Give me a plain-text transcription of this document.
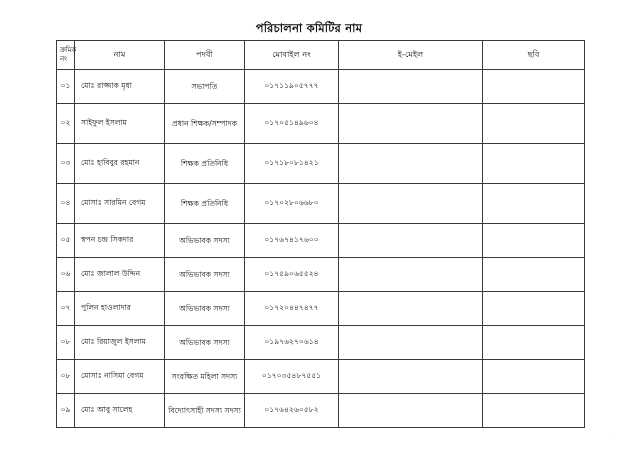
পরিচালনা কমিটির নাম
ক্রমিক নং	নাম	পদবী	মোবাইল নং	ই-মেইল	ছবি
০১	মোঃ রাজ্জাক মৃধা	সভাপতি	০১৭১১৯০৫৭৭৭		
০২	সাইফুল ইসলাম	প্রধান শিক্ষক/সম্পাদক	০১৭০৫১৪৯৬০৪		
০৩	মোঃ হাবিবুর রহমান	শিক্ষক প্রতিনিধি	০১৭১৮০৮১৪২১		
০৪	মোসাঃ সারমিন বেগম	শিক্ষক প্রতিনিধি	০১৭০২৮০৬৬৮০		
০৫	স্বপন চন্দ্র সিকদার	অভিভাবক সদস্য	০১৭৬৭৪১৭৬০০		
০৬	মোঃ জালাল উদ্দিন	অভিভাবক সদস্য	০১৭৫৯০৬৫৫২৪		
০৭	পুলিন হাওলাদার	অভিভাবক সদস্য	০১৭২০৪৪৭৪৭৭		
০৮	মোঃ রিয়াজুল ইসলাম	অভিভাবক সদস্য	০১৯৭৬২৭০৬১৪		
০৮	মোসাঃ নাসিমা বেগম	সংরক্ষিত মহিলা সদস্য	০১৭০৩৫৪৮৭৫৫১		
০৯	মোঃ আবু সালেহ	বিদ্যোৎসাহী সদস্য সদস্য	০১৭৬৪২৬০৫৮২		
·
